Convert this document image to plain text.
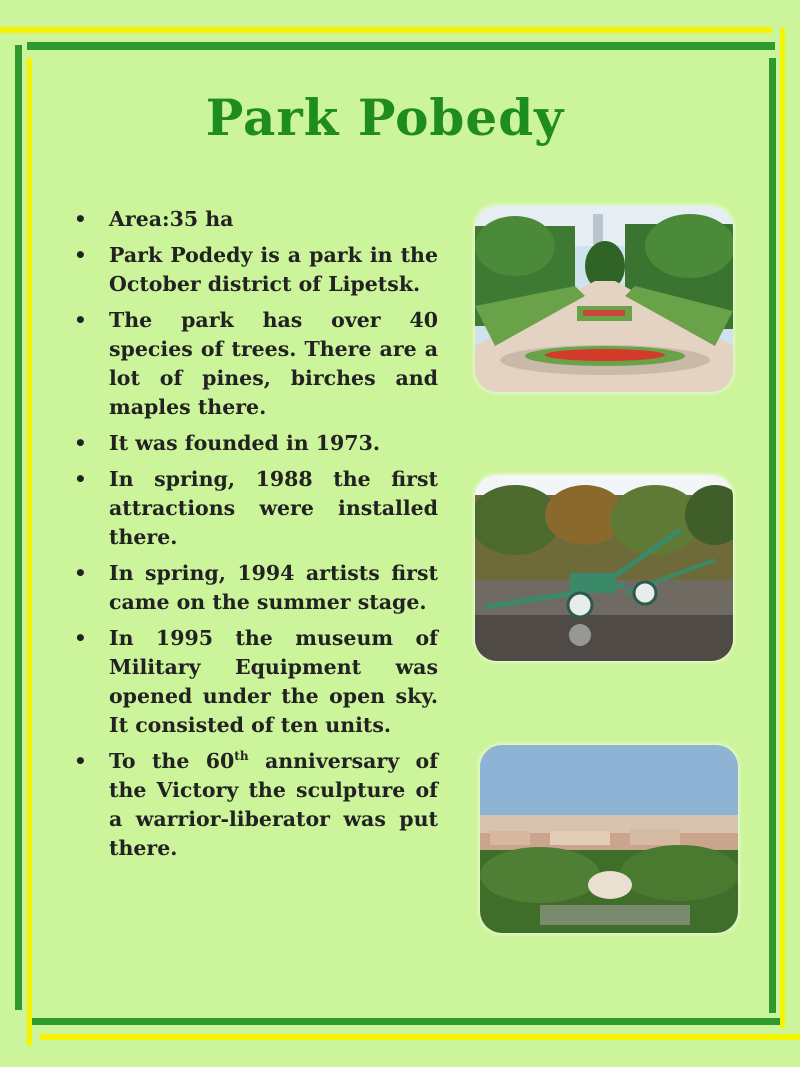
Park Pobedy
• Area:35 ha
• Park Podedy is a park in the October district of Lipetsk.
• The park has over 40 species of trees. There are a lot of pines, birches and maples there.
• It was founded in 1973.
• In spring, 1988 the first attractions were installed there.
• In spring, 1994 artists first came on the summer stage.
• In 1995 the museum of Military Equipment was opened under the open sky. It consisted of ten units.
• To the 60th anniversary of the Victory the sculpture of a warrior-liberator was put there.
